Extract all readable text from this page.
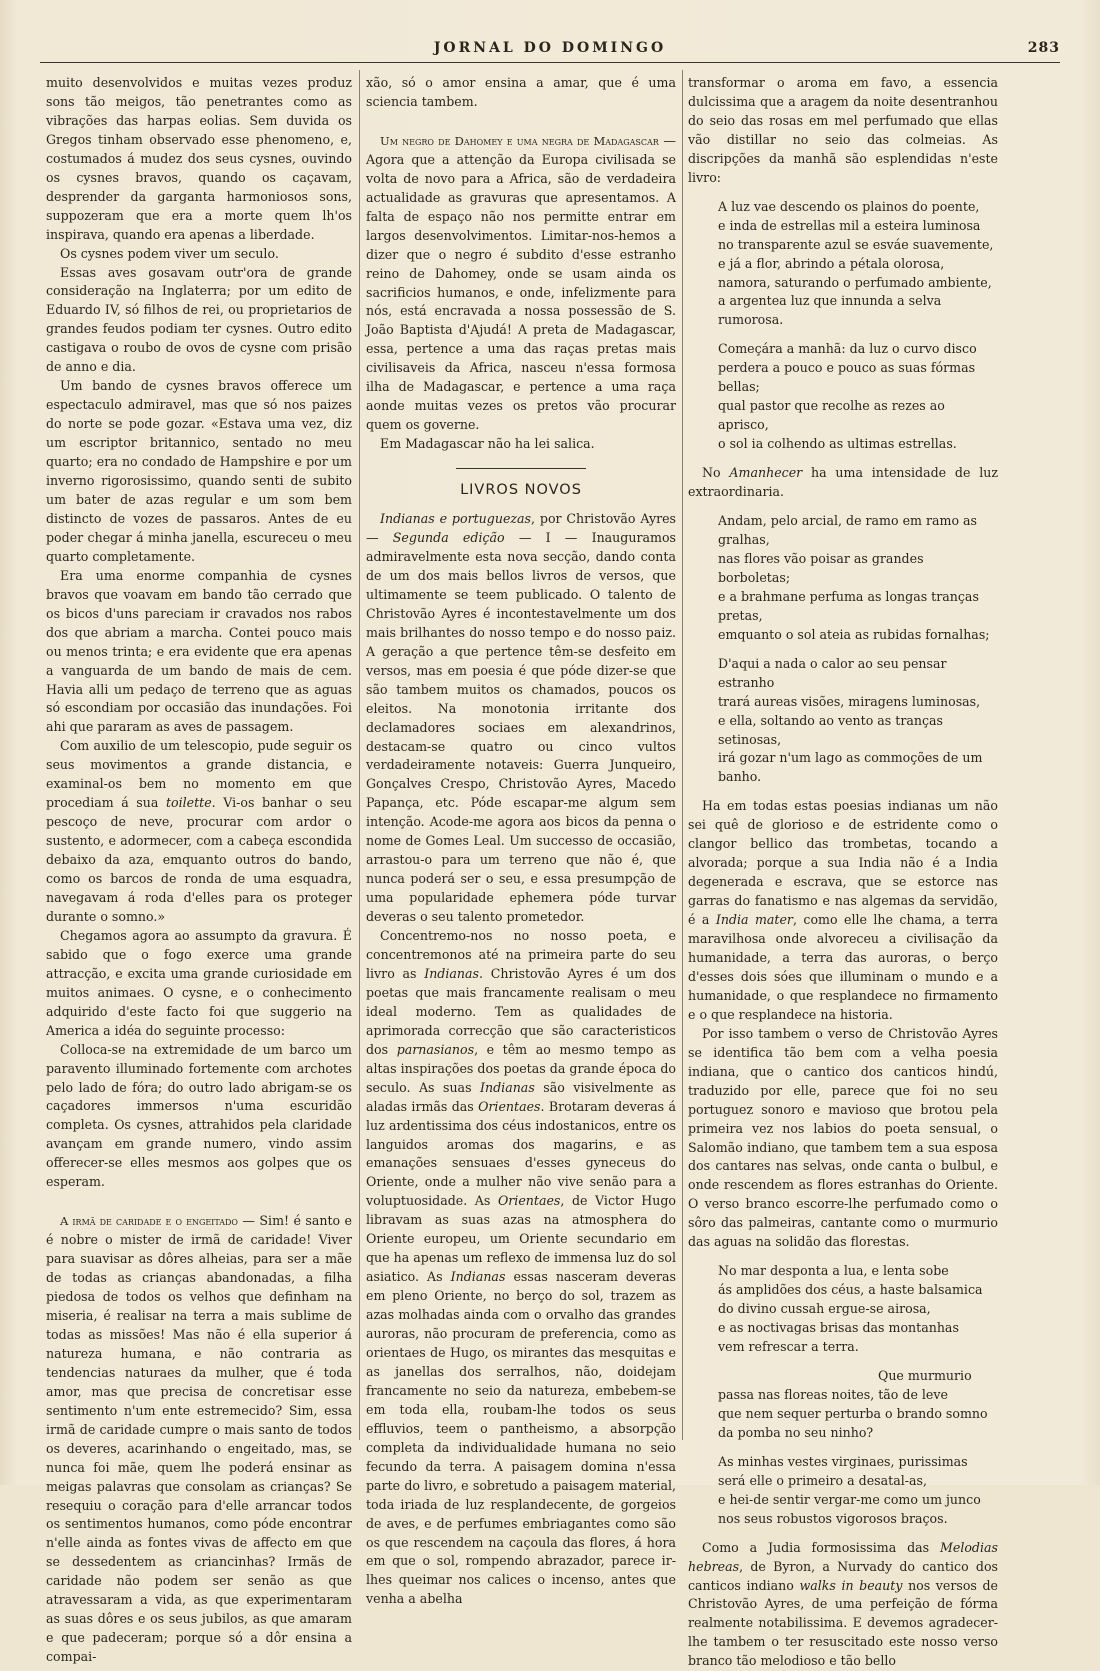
JORNAL DO DOMINGO	283

muito desenvolvidos e muitas vezes produz sons tão meigos, tão penetrantes como as vibrações das harpas eolias. Sem duvida os Gregos tinham observado esse phenomeno, e, costumados á mudez dos seus cysnes, ouvindo os cysnes bravos, quando os caçavam, desprender da garganta harmoniosos sons, suppozeram que era a morte quem lh'os inspirava, quando era apenas a liberdade.

Os cysnes podem viver um seculo.

Essas aves gosavam outr'ora de grande consideração na Inglaterra; por um edito de Eduardo IV, só filhos de rei, ou proprietarios de grandes feudos podiam ter cysnes. Outro edito castigava o roubo de ovos de cysne com prisão de anno e dia.

Um bando de cysnes bravos offerece um espectaculo admiravel, mas que só nos paizes do norte se pode gozar. «Estava uma vez, diz um escriptor britannico, sentado no meu quarto; era no condado de Hampshire e por um inverno rigorosissimo, quando senti de subito um bater de azas regular e um som bem distincto de vozes de passaros. Antes de eu poder chegar á minha janella, escureceu o meu quarto completamente.

Era uma enorme companhia de cysnes bravos que voavam em bando tão cerrado que os bicos d'uns pareciam ir cravados nos rabos dos que abriam a marcha. Contei pouco mais ou menos trinta; e era evidente que era apenas a vanguarda de um bando de mais de cem. Havia alli um pedaço de terreno que as aguas só escondiam por occasião das inundações. Foi ahi que pararam as aves de passagem.

Com auxilio de um telescopio, pude seguir os seus movimentos a grande distancia, e examinal-os bem no momento em que procediam á sua toilette. Vi-os banhar o seu pescoço de neve, procurar com ardor o sustento, e adormecer, com a cabeça escondida debaixo da aza, emquanto outros do bando, como os barcos de ronda de uma esquadra, navegavam á roda d'elles para os proteger durante o somno.»

Chegamos agora ao assumpto da gravura. É sabido que o fogo exerce uma grande attracção, e excita uma grande curiosidade em muitos animaes. O cysne, e o conhecimento adquirido d'este facto foi que suggerio na America a idéa do seguinte processo:

Colloca-se na extremidade de um barco um paravento illuminado fortemente com archotes pelo lado de fóra; do outro lado abrigam-se os caçadores immersos n'uma escuridão completa. Os cysnes, attrahidos pela claridade avançam em grande numero, vindo assim offerecer-se elles mesmos aos golpes que os esperam.

A irmã de caridade e o engeitado — Sim! é santo e é nobre o mister de irmã de caridade! Viver para suavisar as dôres alheias, para ser a mãe de todas as crianças abandonadas, a filha piedosa de todos os velhos que definham na miseria, é realisar na terra a mais sublime de todas as missões! Mas não é ella superior á natureza humana, e não contraria as tendencias naturaes da mulher, que é toda amor, mas que precisa de concretisar esse sentimento n'um ente estremecido? Sim, essa irmã de caridade cumpre o mais santo de todos os deveres, acarinhando o engeitado, mas, se nunca foi mãe, quem lhe poderá ensinar as meigas palavras que consolam as crianças? Se resequiu o coração para d'elle arrancar todos os sentimentos humanos, como póde encontrar n'elle ainda as fontes vivas de affecto em que se dessedentem as criancinhas? Irmãs de caridade não podem ser senão as que atravessaram a vida, as que experimentaram as suas dôres e os seus jubilos, as que amaram e que padeceram; porque só a dôr ensina a compai-

xão, só o amor ensina a amar, que é uma sciencia tambem.

Um negro de Dahomey e uma negra de Madagascar — Agora que a attenção da Europa civilisada se volta de novo para a Africa, são de verdadeira actualidade as gravuras que apresentamos. A falta de espaço não nos permitte entrar em largos desenvolvimentos. Limitar-nos-hemos a dizer que o negro é subdito d'esse estranho reino de Dahomey, onde se usam ainda os sacrificios humanos, e onde, infelizmente para nós, está encravada a nossa possessão de S. João Baptista d'Ajudá! A preta de Madagascar, essa, pertence a uma das raças pretas mais civilisaveis da Africa, nasceu n'essa formosa ilha de Madagascar, e pertence a uma raça aonde muitas vezes os pretos vão procurar quem os governe.

Em Madagascar não ha lei salica.

LIVROS NOVOS

Indianas e portuguezas, por Christovão Ayres — Segunda edição — I — Inauguramos admiravelmente esta nova secção, dando conta de um dos mais bellos livros de versos, que ultimamente se teem publicado. O talento de Christovão Ayres é incontestavelmente um dos mais brilhantes do nosso tempo e do nosso paiz. A geração a que pertence têm-se desfeito em versos, mas em poesia é que póde dizer-se que são tambem muitos os chamados, poucos os eleitos. Na monotonia irritante dos declamadores sociaes em alexandrinos, destacam-se quatro ou cinco vultos verdadeiramente notaveis: Guerra Junqueiro, Gonçalves Crespo, Christovão Ayres, Macedo Papança, etc. Póde escapar-me algum sem intenção. Acode-me agora aos bicos da penna o nome de Gomes Leal. Um successo de occasião, arrastou-o para um terreno que não é, que nunca poderá ser o seu, e essa presumpção de uma popularidade ephemera póde turvar deveras o seu talento prometedor.

Concentremo-nos no nosso poeta, e concentremonos até na primeira parte do seu livro as Indianas. Christovão Ayres é um dos poetas que mais francamente realisam o meu ideal moderno. Tem as qualidades de aprimorada correcção que são caracteristicos dos parnasianos, e têm ao mesmo tempo as altas inspirações dos poetas da grande época do seculo. As suas Indianas são visivelmente as aladas irmãs das Orientaes. Brotaram deveras á luz ardentissima dos céus indostanicos, entre os languidos aromas dos magarins, e as emanações sensuaes d'esses gyneceus do Oriente, onde a mulher não vive senão para a voluptuosidade. As Orientaes, de Victor Hugo libravam as suas azas na atmosphera do Oriente europeu, um Oriente secundario em que ha apenas um reflexo de immensa luz do sol asiatico. As Indianas essas nasceram deveras em pleno Oriente, no berço do sol, trazem as azas molhadas ainda com o orvalho das grandes auroras, não procuram de preferencia, como as orientaes de Hugo, os mirantes das mesquitas e as janellas dos serralhos, não, doidejam francamente no seio da natureza, embebem-se em toda ella, roubam-lhe todos os seus effluvios, teem o pantheismo, a absorpção completa da individualidade humana no seio fecundo da terra. A paisagem domina n'essa parte do livro, e sobretudo a paisagem material, toda iriada de luz resplandecente, de gorgeios de aves, e de perfumes embriagantes como são os que rescendem na caçoula das flores, á hora em que o sol, rompendo abrazador, parece ir-lhes queimar nos calices o incenso, antes que venha a abelha

transformar o aroma em favo, a essencia dulcissima que a aragem da noite desentranhou do seio das rosas em mel perfumado que ellas vão distillar no seio das colmeias. As discripções da manhã são esplendidas n'este livro:

A luz vae descendo os plainos do poente,

e inda de estrellas mil a esteira luminosa

no transparente azul se esváe suavemente,

e já a flor, abrindo a pétala olorosa,

namora, saturando o perfumado ambiente,

a argentea luz que innunda a selva rumorosa.

Começára a manhã: da luz o curvo disco

perdera a pouco e pouco as suas fórmas bellas;

qual pastor que recolhe as rezes ao aprisco,

o sol ia colhendo as ultimas estrellas.

No Amanhecer ha uma intensidade de luz extraordinaria.

Andam, pelo arcial, de ramo em ramo as gralhas,

nas flores vão poisar as grandes borboletas;

e a brahmane perfuma as longas tranças pretas,

emquanto o sol ateia as rubidas fornalhas;

D'aqui a nada o calor ao seu pensar estranho

trará aureas visões, miragens luminosas,

e ella, soltando ao vento as tranças setinosas,

irá gozar n'um lago as commoções de um banho.

Ha em todas estas poesias indianas um não sei quê de glorioso e de estridente como o clangor bellico das trombetas, tocando a alvorada; porque a sua India não é a India degenerada e escrava, que se estorce nas garras do fanatismo e nas algemas da servidão, é a India mater, como elle lhe chama, a terra maravilhosa onde alvoreceu a civilisação da humanidade, a terra das auroras, o berço d'esses dois sóes que illuminam o mundo e a humanidade, o que resplandece no firmamento e o que resplandece na historia.

Por isso tambem o verso de Christovão Ayres se identifica tão bem com a velha poesia indiana, que o cantico dos canticos hindú, traduzido por elle, parece que foi no seu portuguez sonoro e mavioso que brotou pela primeira vez nos labios do poeta sensual, o Salomão indiano, que tambem tem a sua esposa dos cantares nas selvas, onde canta o bulbul, e onde rescendem as flores estranhas do Oriente. O verso branco escorre-lhe perfumado como o sôro das palmeiras, cantante como o murmurio das aguas na solidão das florestas.

No mar desponta a lua, e lenta sobe

ás amplidões dos céus, a haste balsamica

do divino cussah ergue-se airosa,

e as noctivagas brisas das montanhas

vem refrescar a terra.

Que murmurio

passa nas floreas noites, tão de leve

que nem sequer perturba o brando somno

da pomba no seu ninho?

As minhas vestes virginaes, purissimas

será elle o primeiro a desatal-as,

e hei-de sentir vergar-me como um junco

nos seus robustos vigorosos braços.

Como a Judia formosissima das Melodias hebreas, de Byron, a Nurvady do cantico dos canticos indiano walks in beauty nos versos de Christovão Ayres, de uma perfeição de fórma realmente notabilissima. E devemos agradecer-lhe tambem o ter resuscitado este nosso verso branco tão melodioso e tão bello
